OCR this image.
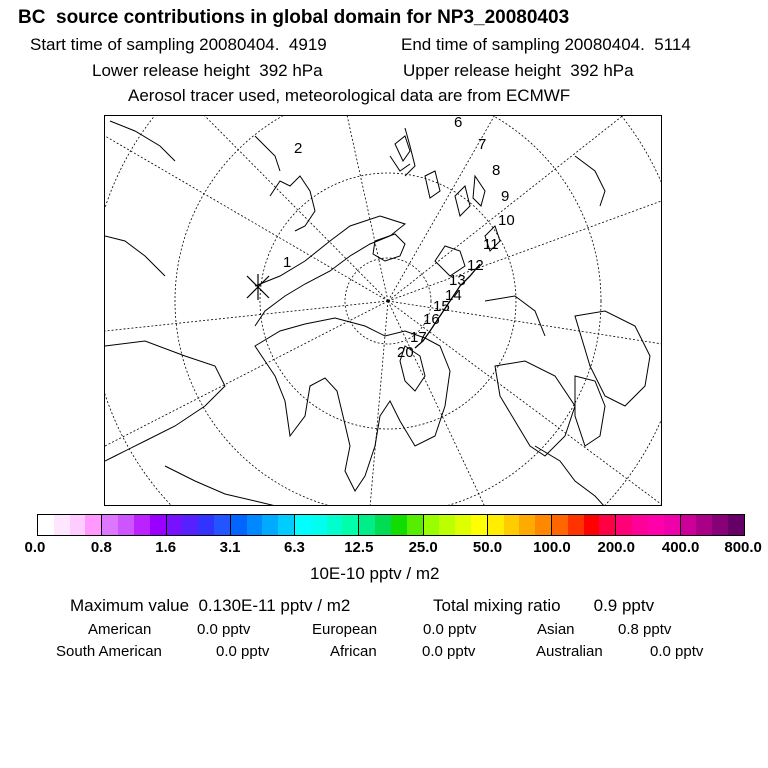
BC  source contributions in global domain for NP3_20080403
Start time of sampling 20080404.  4919	End time of sampling 20080404.  5114
Lower release height  392 hPa	Upper release height  392 hPa
Aerosol tracer used, meteorological data are from ECMWF
1
2
6
7
8
9
10
11
12
13
14
15
16
17
20
0.0	0.8	1.6	3.1	6.3	12.5 25.0 50.0 100.0 200.0 400.0 800.0
10E-10 pptv / m2
Maximum value  0.130E-11 pptv / m2	Total mixing ratio       0.9 pptv
American	0.0 pptv	European	0.0 pptv	Asian	0.8 pptv
South American	0.0 pptv	African	0.0 pptv	Australian	0.0 pptv
